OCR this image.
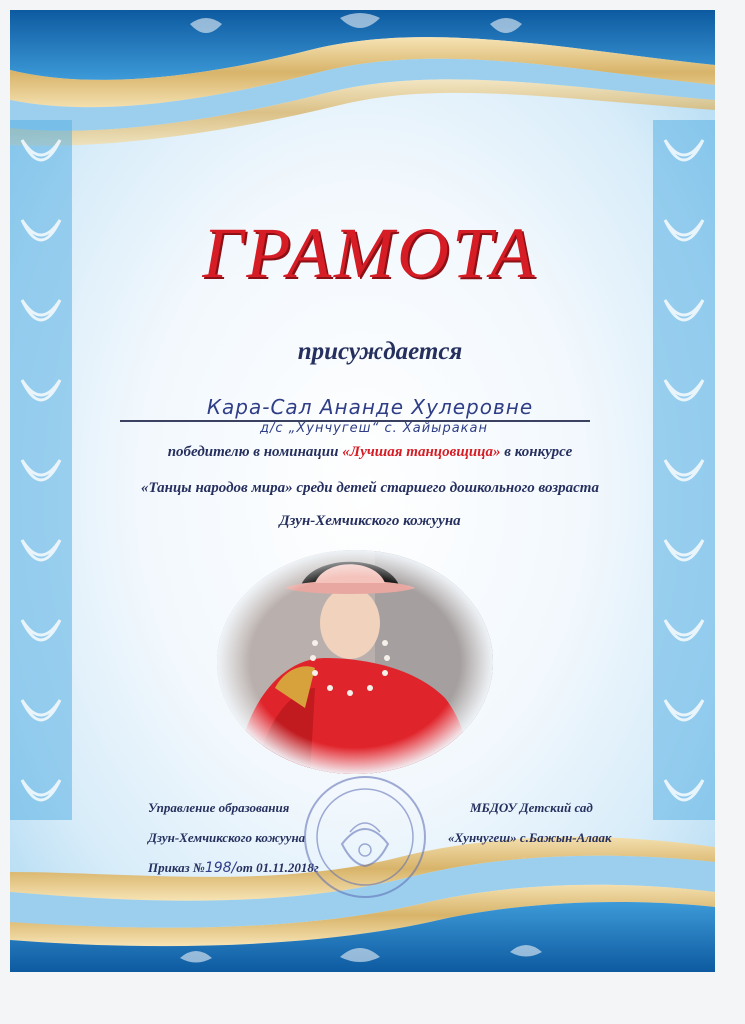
ГРАМОТА
присуждается
Кара-Сал Ананде Хулеровне
д/с „Хунчугеш“ с. Хайыракан
победителю в номинации «Лучшая танцовщица» в конкурсе
«Танцы народов мира» среди детей старшего дошкольного возраста
Дзун-Хемчикского кожууна
Управление образования
Дзун-Хемчикского кожууна
Приказ №198/от 01.11.2018г
МБДОУ Детский сад
«Хунчугеш» с.Бажын-Алаак
